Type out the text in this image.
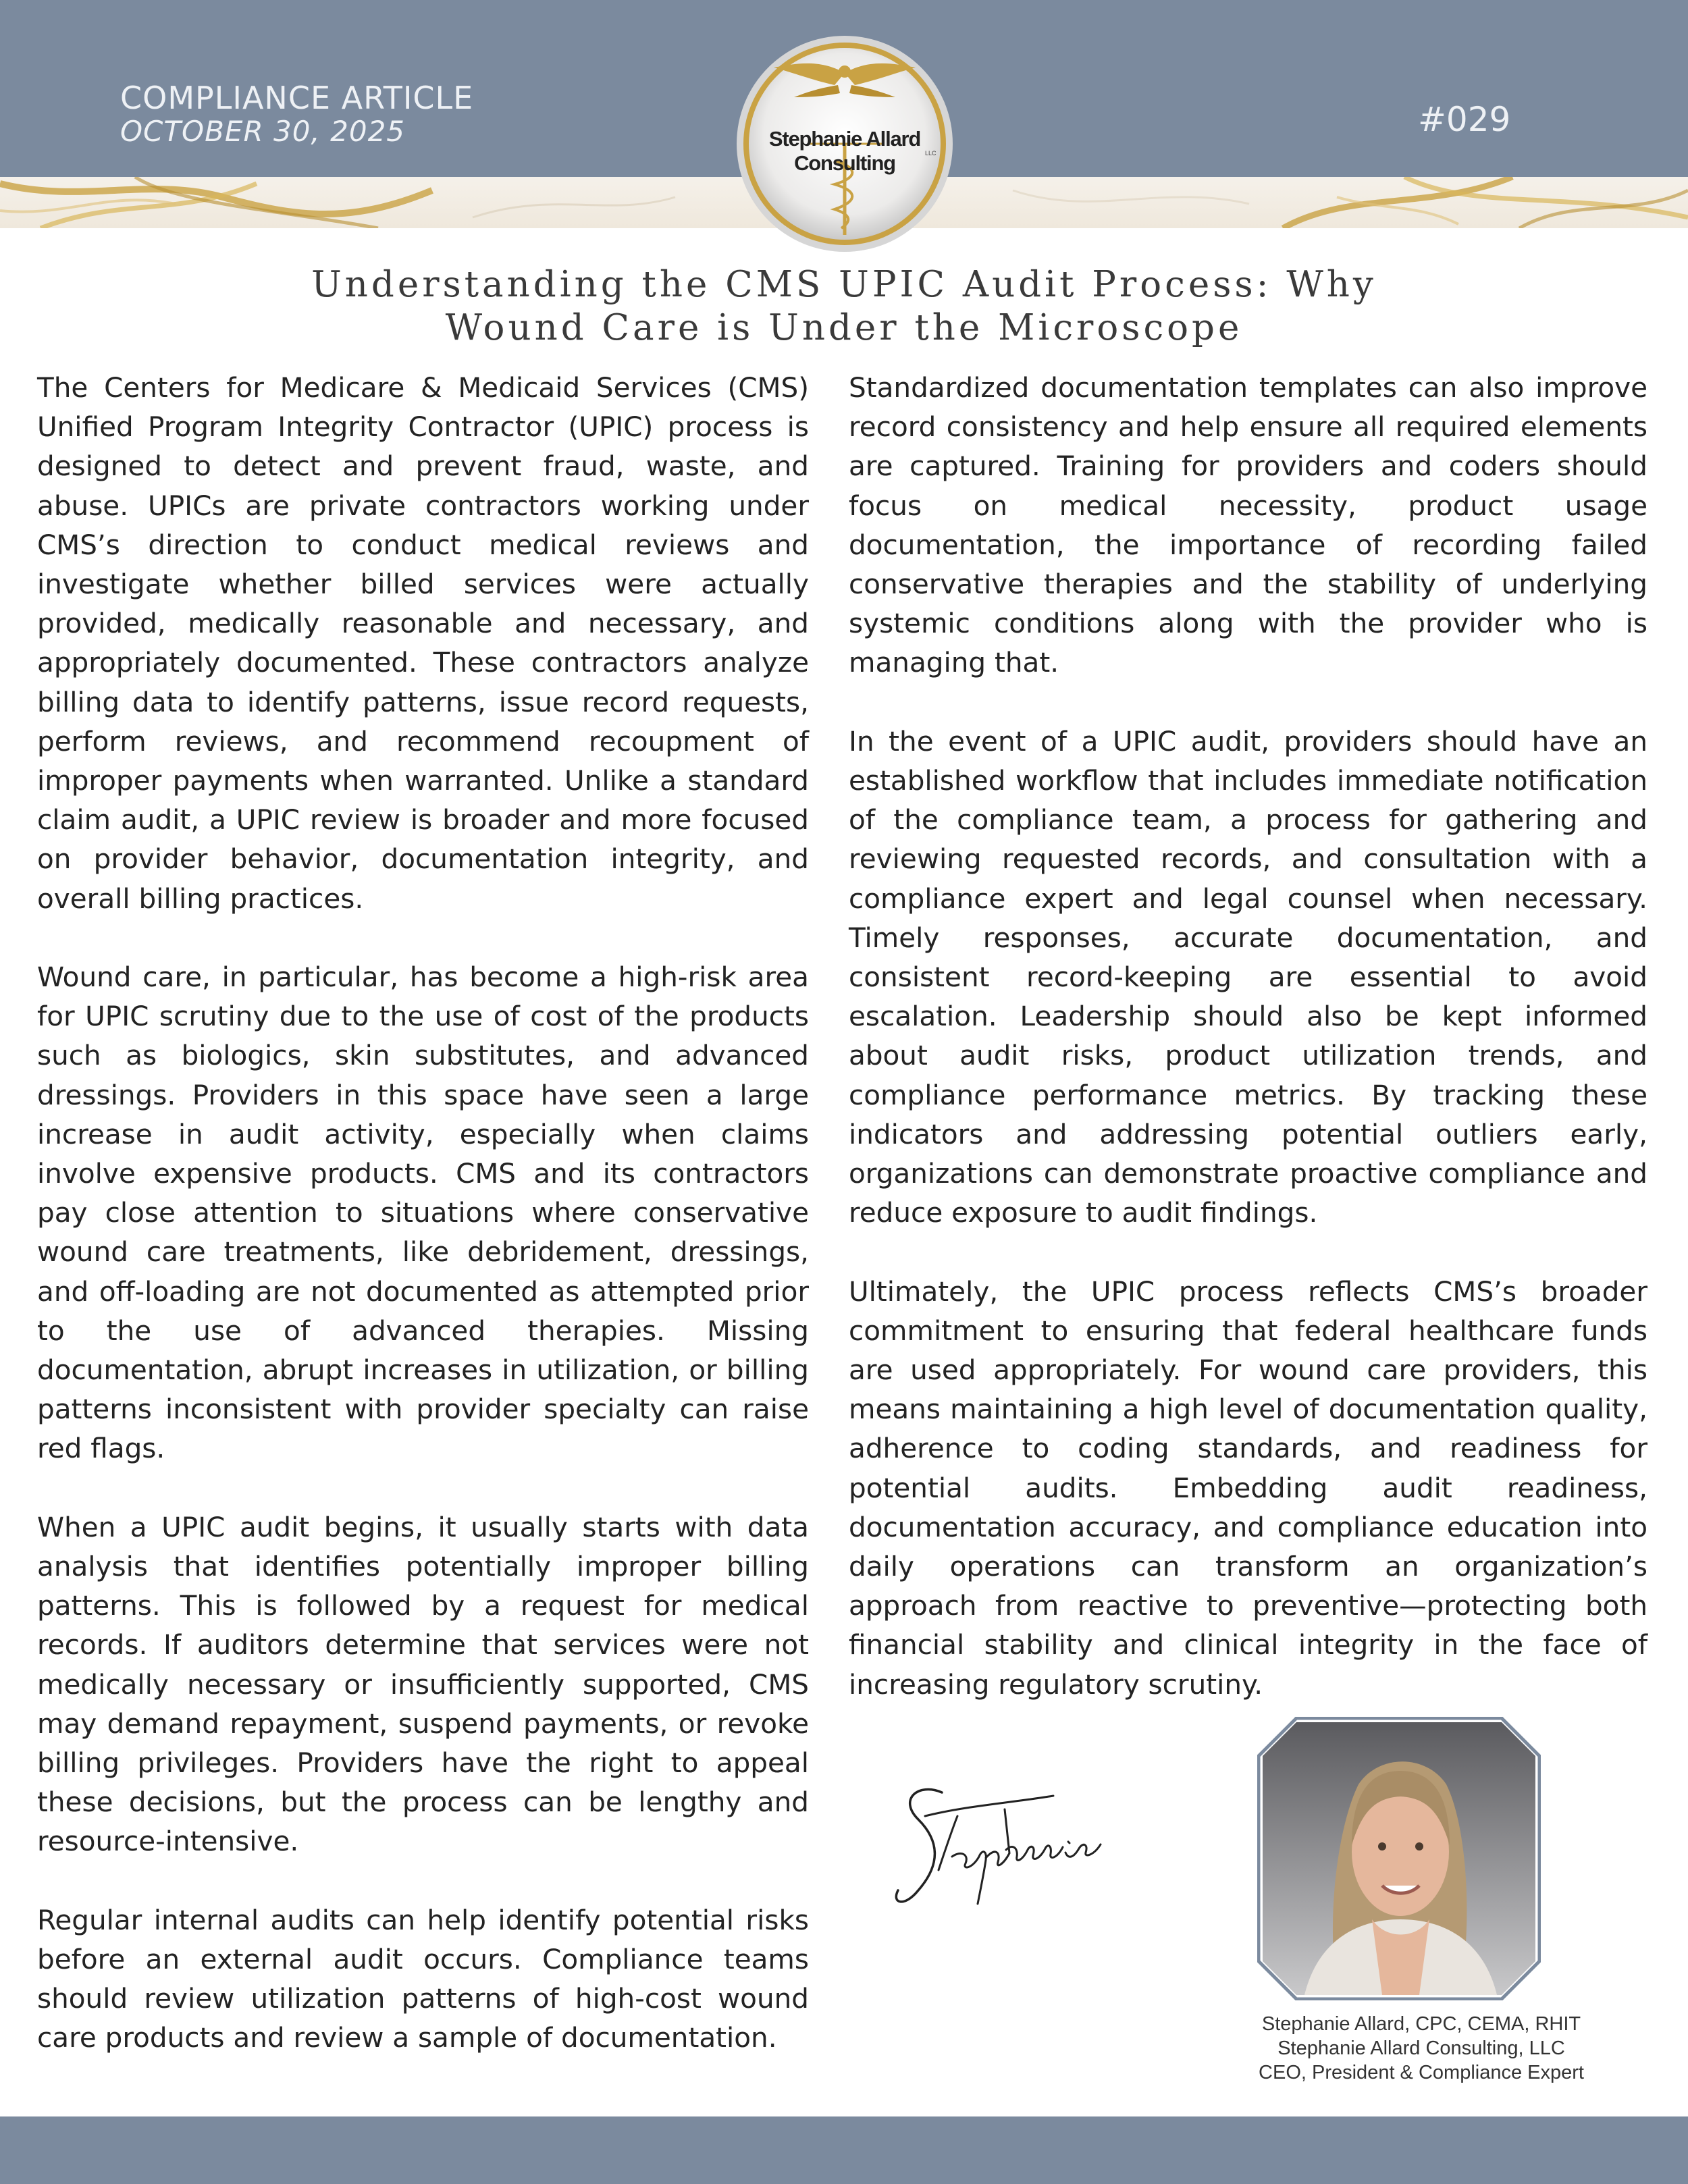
COMPLIANCE ARTICLE
OCTOBER 30, 2025	#029
Stephanie Allard Consulting	LLC
Understanding the CMS UPIC Audit Process: Why
Wound Care is Under the Microscope

The Centers for Medicare & Medicaid Services (CMS) Unified Program Integrity Contractor (UPIC) process is designed to detect and prevent fraud, waste, and abuse. UPICs are private contractors working under CMS’s direction to conduct medical reviews and investigate whether billed services were actually provided, medically reasonable and necessary, and appropriately documented. These contractors analyze billing data to identify patterns, issue record requests, perform reviews, and recommend recoupment of improper payments when warranted. Unlike a standard claim audit, a UPIC review is broader and more focused on provider behavior, documentation integrity, and overall billing practices.

Wound care, in particular, has become a high-risk area for UPIC scrutiny due to the use of cost of the products such as biologics, skin substitutes, and advanced dressings. Providers in this space have seen a large increase in audit activity, especially when claims involve expensive products. CMS and its contractors pay close attention to situations where conservative wound care treatments, like debridement, dressings, and off-loading are not documented as attempted prior to the use of advanced therapies. Missing documentation, abrupt increases in utilization, or billing patterns inconsistent with provider specialty can raise red flags.

When a UPIC audit begins, it usually starts with data analysis that identifies potentially improper billing patterns. This is followed by a request for medical records. If auditors determine that services were not medically necessary or insufficiently supported, CMS may demand repayment, suspend payments, or revoke billing privileges. Providers have the right to appeal these decisions, but the process can be lengthy and resource-intensive.

Regular internal audits can help identify potential risks before an external audit occurs. Compliance teams should review utilization patterns of high-cost wound care products and review a sample of documentation.

Standardized documentation templates can also improve record consistency and help ensure all required elements are captured. Training for providers and coders should focus on medical necessity, product usage documentation, the importance of recording failed conservative therapies and the stability of underlying systemic conditions along with the provider who is managing that.

In the event of a UPIC audit, providers should have an established workflow that includes immediate notification of the compliance team, a process for gathering and reviewing requested records, and consultation with a compliance expert and legal counsel when necessary. Timely responses, accurate documentation, and consistent record-keeping are essential to avoid escalation. Leadership should also be kept informed about audit risks, product utilization trends, and compliance performance metrics. By tracking these indicators and addressing potential outliers early, organizations can demonstrate proactive compliance and reduce exposure to audit findings.

Ultimately, the UPIC process reflects CMS’s broader commitment to ensuring that federal healthcare funds are used appropriately. For wound care providers, this means maintaining a high level of documentation quality, adherence to coding standards, and readiness for potential audits. Embedding audit readiness, documentation accuracy, and compliance education into daily operations can transform an organization’s approach from reactive to preventive—protecting both financial stability and clinical integrity in the face of increasing regulatory scrutiny.

Stephanie Allard, CPC, CEMA, RHIT
Stephanie Allard Consulting, LLC
CEO, President & Compliance Expert
